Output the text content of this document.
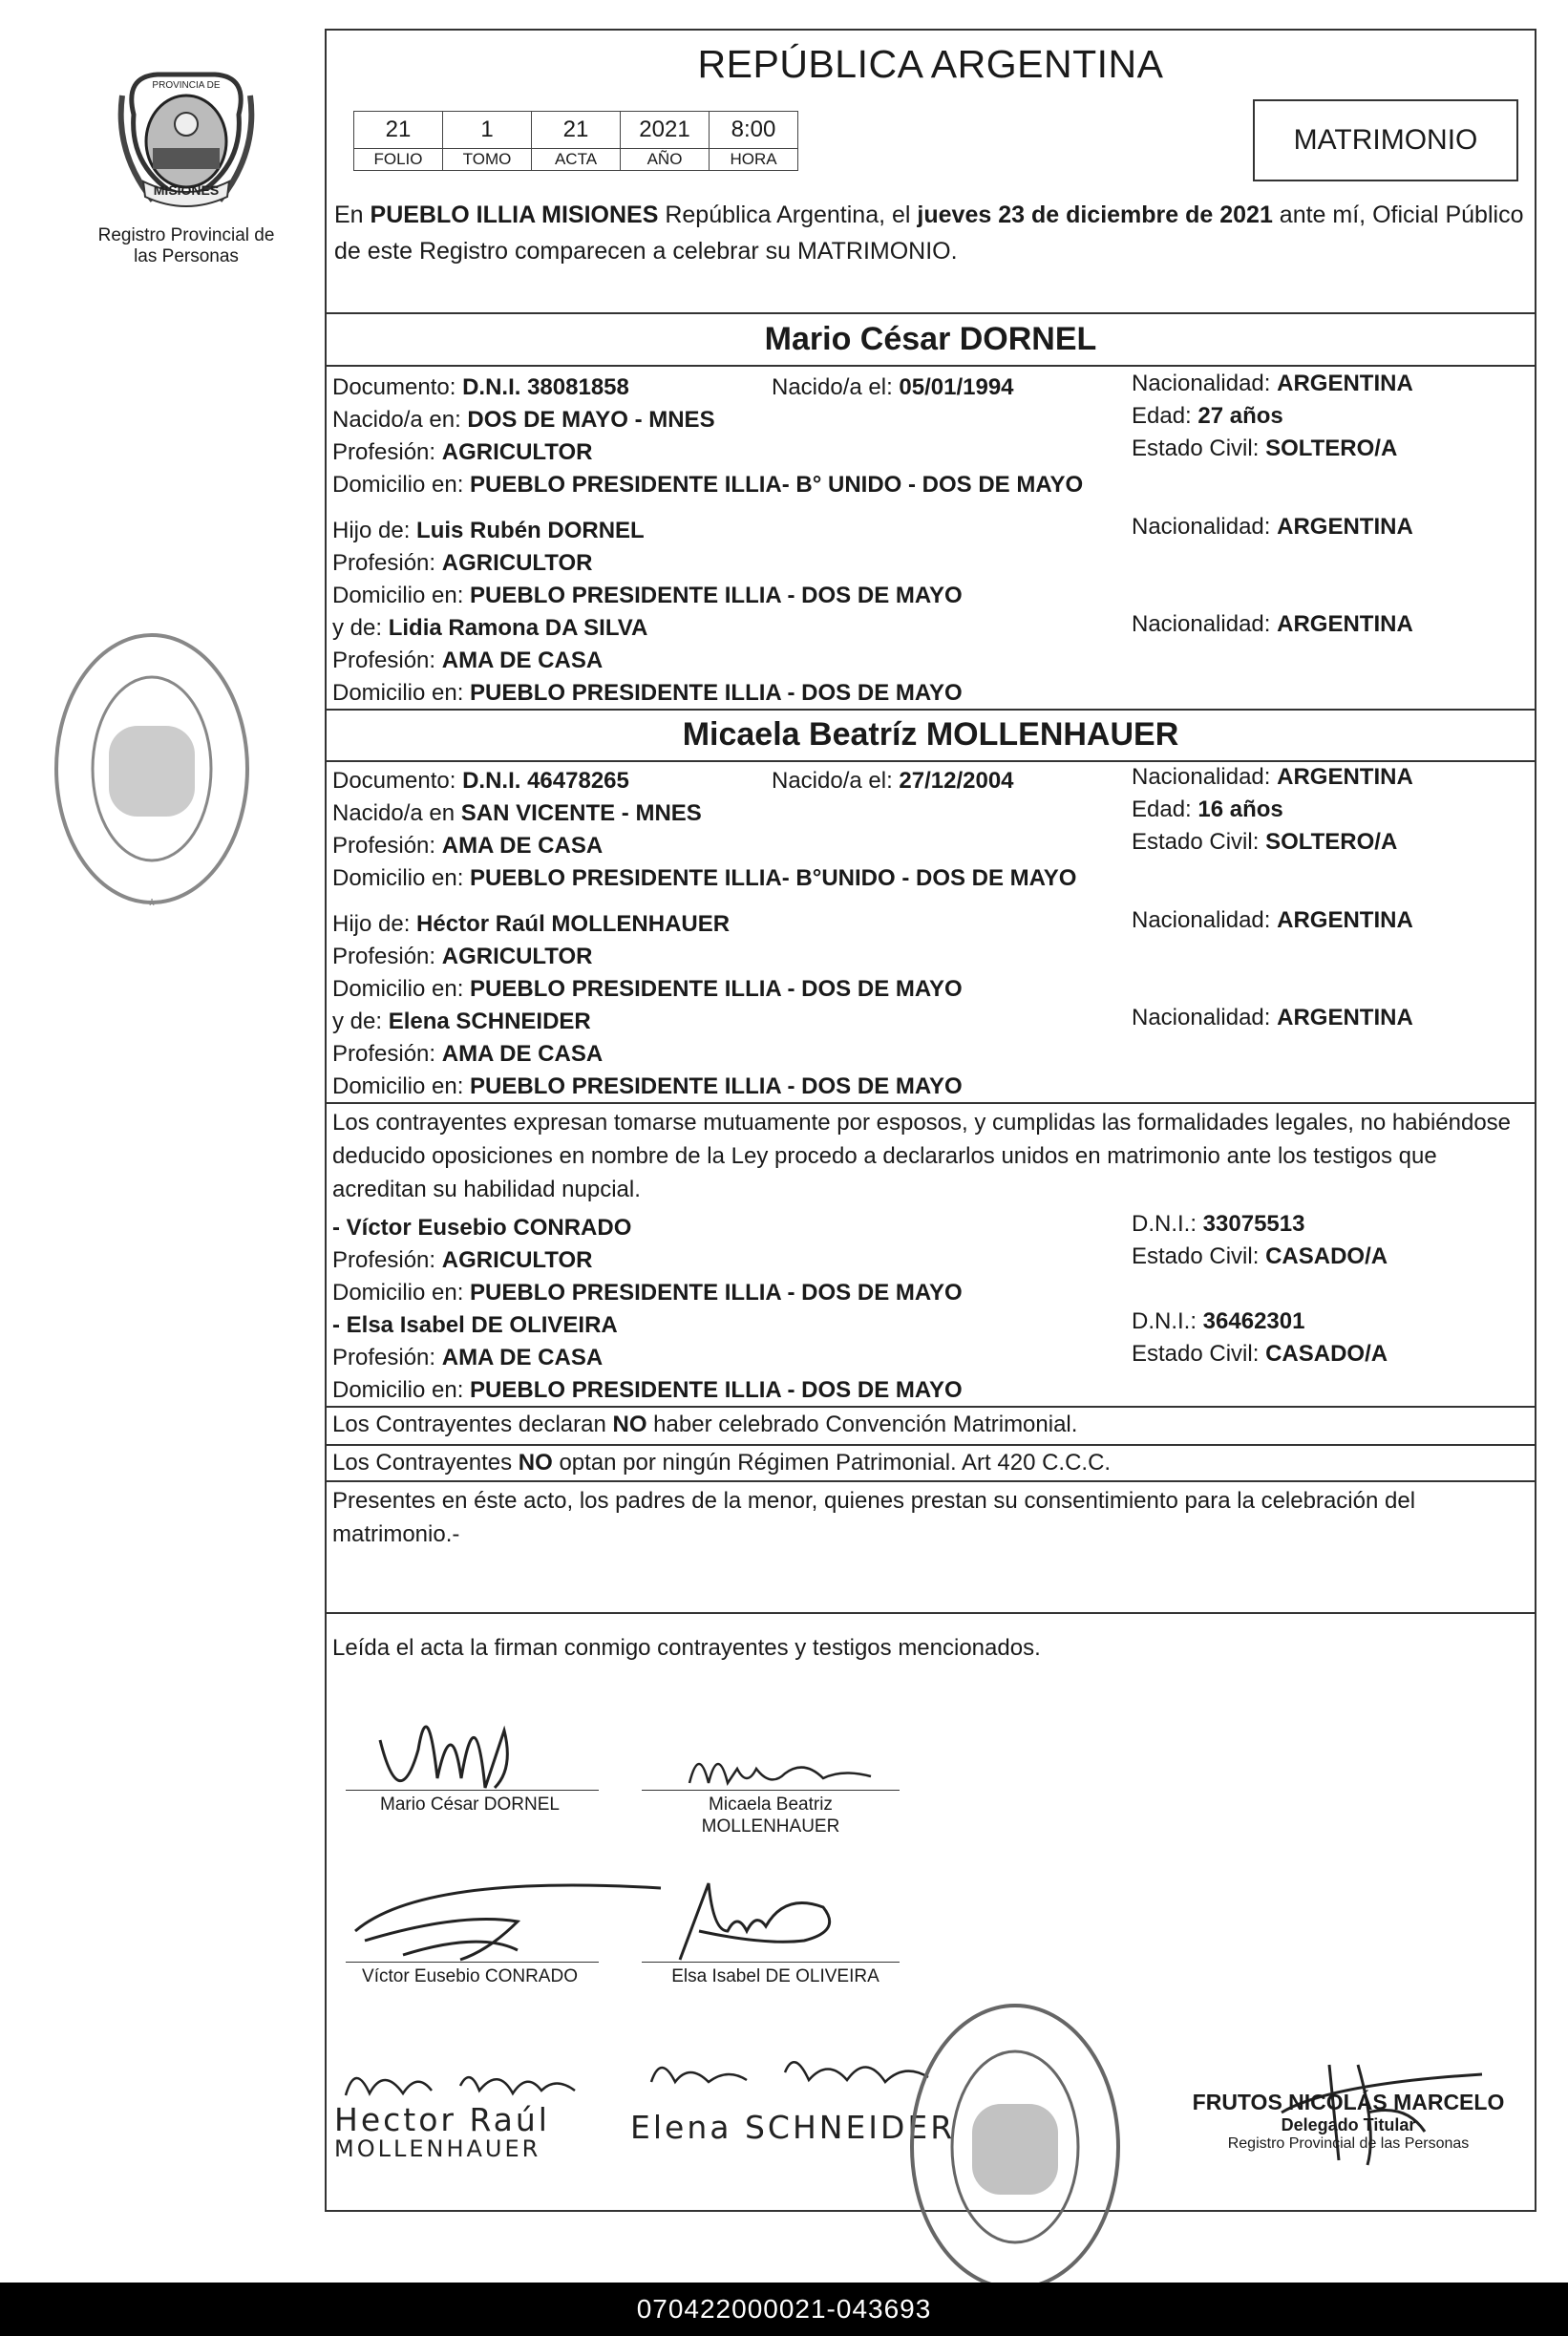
MISIONES
PROVINCIA DE
Registro Provincial de las Personas
*
REPÚBLICA ARGENTINA
21	1	21	2021	8:00
FOLIO	TOMO	ACTA	AÑO	HORA
MATRIMONIO
En PUEBLO ILLIA MISIONES República Argentina, el jueves 23 de diciembre de 2021 ante mí, Oficial Público de este Registro comparecen a celebrar su MATRIMONIO.
Mario César DORNEL
Documento: D.N.I. 38081858	Nacido/a el: 05/01/1994	Nacionalidad: ARGENTINA
Nacido/a en: DOS DE MAYO - MNES	Edad: 27 años
Profesión: AGRICULTOR	Estado Civil: SOLTERO/A
Domicilio en: PUEBLO PRESIDENTE ILLIA- B° UNIDO - DOS DE MAYO
Hijo de: Luis Rubén DORNEL	Nacionalidad: ARGENTINA
Profesión: AGRICULTOR
Domicilio en: PUEBLO PRESIDENTE ILLIA - DOS DE MAYO
y de: Lidia Ramona DA SILVA	Nacionalidad: ARGENTINA
Profesión: AMA DE CASA
Domicilio en: PUEBLO PRESIDENTE ILLIA - DOS DE MAYO
Micaela Beatríz MOLLENHAUER
Documento: D.N.I. 46478265	Nacido/a el: 27/12/2004	Nacionalidad: ARGENTINA
Nacido/a en SAN VICENTE - MNES	Edad: 16 años
Profesión: AMA DE CASA	Estado Civil: SOLTERO/A
Domicilio en: PUEBLO PRESIDENTE ILLIA- B°UNIDO - DOS DE MAYO
Hijo de: Héctor Raúl MOLLENHAUER	Nacionalidad: ARGENTINA
Profesión: AGRICULTOR
Domicilio en: PUEBLO PRESIDENTE ILLIA - DOS DE MAYO
y de: Elena SCHNEIDER	Nacionalidad: ARGENTINA
Profesión: AMA DE CASA
Domicilio en: PUEBLO PRESIDENTE ILLIA - DOS DE MAYO
Los contrayentes expresan tomarse mutuamente por esposos, y cumplidas las formalidades legales, no habiéndose deducido oposiciones en nombre de la Ley procedo a declararlos unidos en matrimonio ante los testigos que acreditan su habilidad nupcial.
- Víctor Eusebio CONRADO	D.N.I.: 33075513
Profesión: AGRICULTOR	Estado Civil: CASADO/A
Domicilio en: PUEBLO PRESIDENTE ILLIA - DOS DE MAYO
- Elsa Isabel DE OLIVEIRA	D.N.I.: 36462301
Profesión: AMA DE CASA	Estado Civil: CASADO/A
Domicilio en: PUEBLO PRESIDENTE ILLIA - DOS DE MAYO
Los Contrayentes declaran NO haber celebrado Convención Matrimonial.
Los Contrayentes NO optan por ningún Régimen Patrimonial. Art 420 C.C.C.
Presentes en éste acto, los padres de la menor, quienes prestan su consentimiento para la celebración del matrimonio.-
Leída el acta la firman conmigo contrayentes y testigos mencionados.
Mario César DORNEL	Micaela Beatriz
MOLLENHAUER
Víctor Eusebio CONRADO	Elsa Isabel DE OLIVEIRA
Hector Raúl
MOLLENHAUER
Elena SCHNEIDER
FRUTOS NICOLÁS MARCELO
Delegado Titular
Registro Provincial de las Personas
070422000021-043693
